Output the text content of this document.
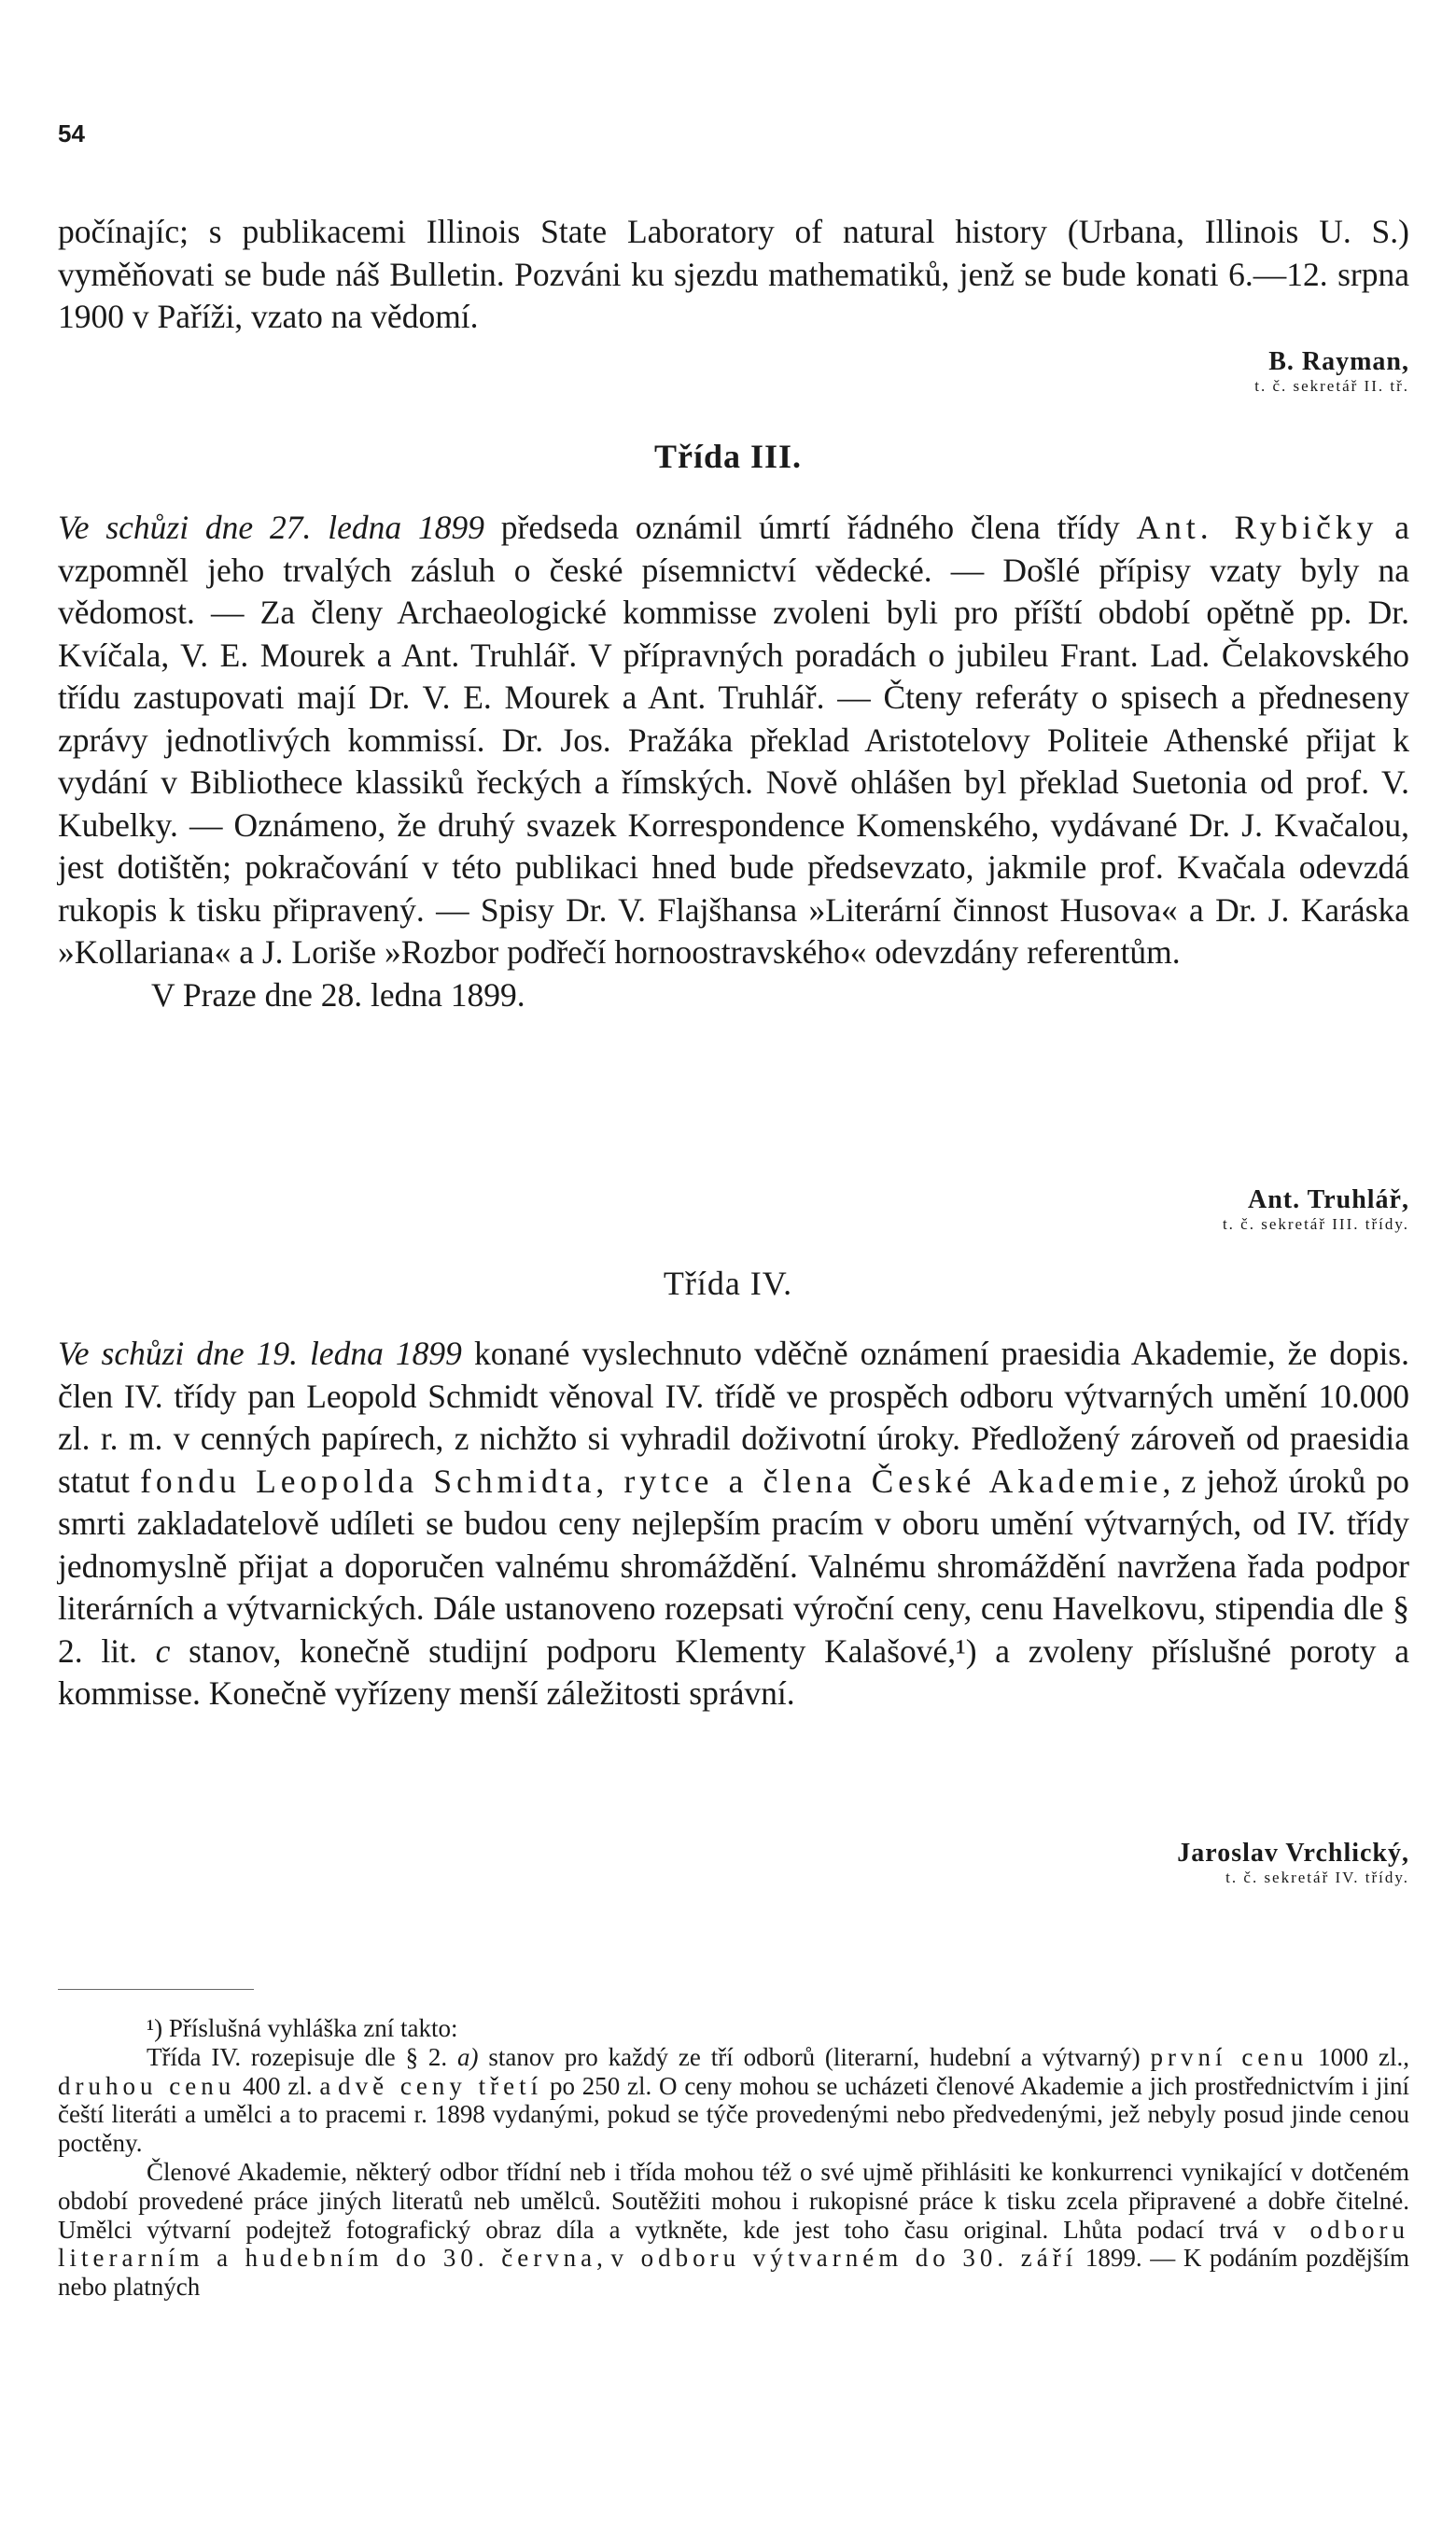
54

počínajíc; s publikacemi Illinois State Laboratory of natural history (Urbana, Illinois U. S.) vyměňovati se bude náš Bulletin. Pozváni ku sjezdu mathematiků, jenž se bude konati 6.—12. srpna 1900 v Paříži, vzato na vědomí.

B. Rayman,
t. č. sekretář II. tř.
Třída III.

Ve schůzi dne 27. ledna 1899 předseda oznámil úmrtí řádného člena třídy Ant. Rybičky a vzpomněl jeho trvalých zásluh o české písemnictví vědecké. — Došlé přípisy vzaty byly na vědomost. — Za členy Archaeologické kommisse zvoleni byli pro příští období opětně pp. Dr. Kvíčala, V. E. Mourek a Ant. Truhlář. V přípravných poradách o jubileu Frant. Lad. Čelakovského třídu zastupovati mají Dr. V. E. Mourek a Ant. Truhlář. — Čteny referáty o spisech a předneseny zprávy jednotlivých kommissí. Dr. Jos. Pražáka překlad Aristotelovy Politeie Athenské přijat k vydání v Bibliothece klassiků řeckých a římských. Nově ohlášen byl překlad Suetonia od prof. V. Kubelky. — Oznámeno, že druhý svazek Korrespondence Komenského, vydávané Dr. J. Kvačalou, jest dotištěn; pokračování v této publikaci hned bude předsevzato, jakmile prof. Kvačala odevzdá rukopis k tisku připravený. — Spisy Dr. V. Flajšhansa »Literární činnost Husova« a Dr. J. Karáska »Kollariana« a J. Loriše »Rozbor podřečí hornoostravského« odevzdány referentům.

V Praze dne 28. ledna 1899.

Ant. Truhlář,
t. č. sekretář III. třídy.
Třída IV.

Ve schůzi dne 19. ledna 1899 konané vyslechnuto vděčně oznámení praesidia Akademie, že dopis. člen IV. třídy pan Leopold Schmidt věnoval IV. třídě ve prospěch odboru výtvarných umění 10.000 zl. r. m. v cenných papírech, z nichžto si vyhradil doživotní úroky. Předložený zároveň od praesidia statut fondu Leopolda Schmidta, rytce a člena České Akademie, z jehož úroků po smrti zakladatelově udíleti se budou ceny nejlepším pracím v oboru umění výtvarných, od IV. třídy jednomyslně přijat a doporučen valnému shromáždění. Valnému shromáždění navržena řada podpor literárních a výtvarnických. Dále ustanoveno rozepsati výroční ceny, cenu Havelkovu, stipendia dle § 2. lit. c stanov, konečně studijní podporu Klementy Kalašové,¹) a zvoleny příslušné poroty a kommisse. Konečně vyřízeny menší záležitosti správní.

Jaroslav Vrchlický,
t. č. sekretář IV. třídy.

¹) Příslušná vyhláška zní takto:

Třída IV. rozepisuje dle § 2. a) stanov pro každý ze tří odborů (literarní, hudební a výtvarný) první cenu 1000 zl., druhou cenu 400 zl. a dvě ceny třetí po 250 zl. O ceny mohou se ucházeti členové Akademie a jich prostřednictvím i jiní čeští literáti a umělci a to pracemi r. 1898 vydanými, pokud se týče provedenými nebo předvedenými, jež nebyly posud jinde cenou poctěny.

Členové Akademie, některý odbor třídní neb i třída mohou též o své ujmě přihlásiti ke konkurrenci vynikající v dotčeném období provedené práce jiných literatů neb umělců. Soutěžiti mohou i rukopisné práce k tisku zcela připravené a dobře čitelné. Umělci výtvarní podejtež fotografický obraz díla a vytkněte, kde jest toho času original. Lhůta podací trvá v odboru literarním a hudebním do 30. června, v odboru výtvarném do 30. září 1899. — K podáním pozdějším nebo platných
